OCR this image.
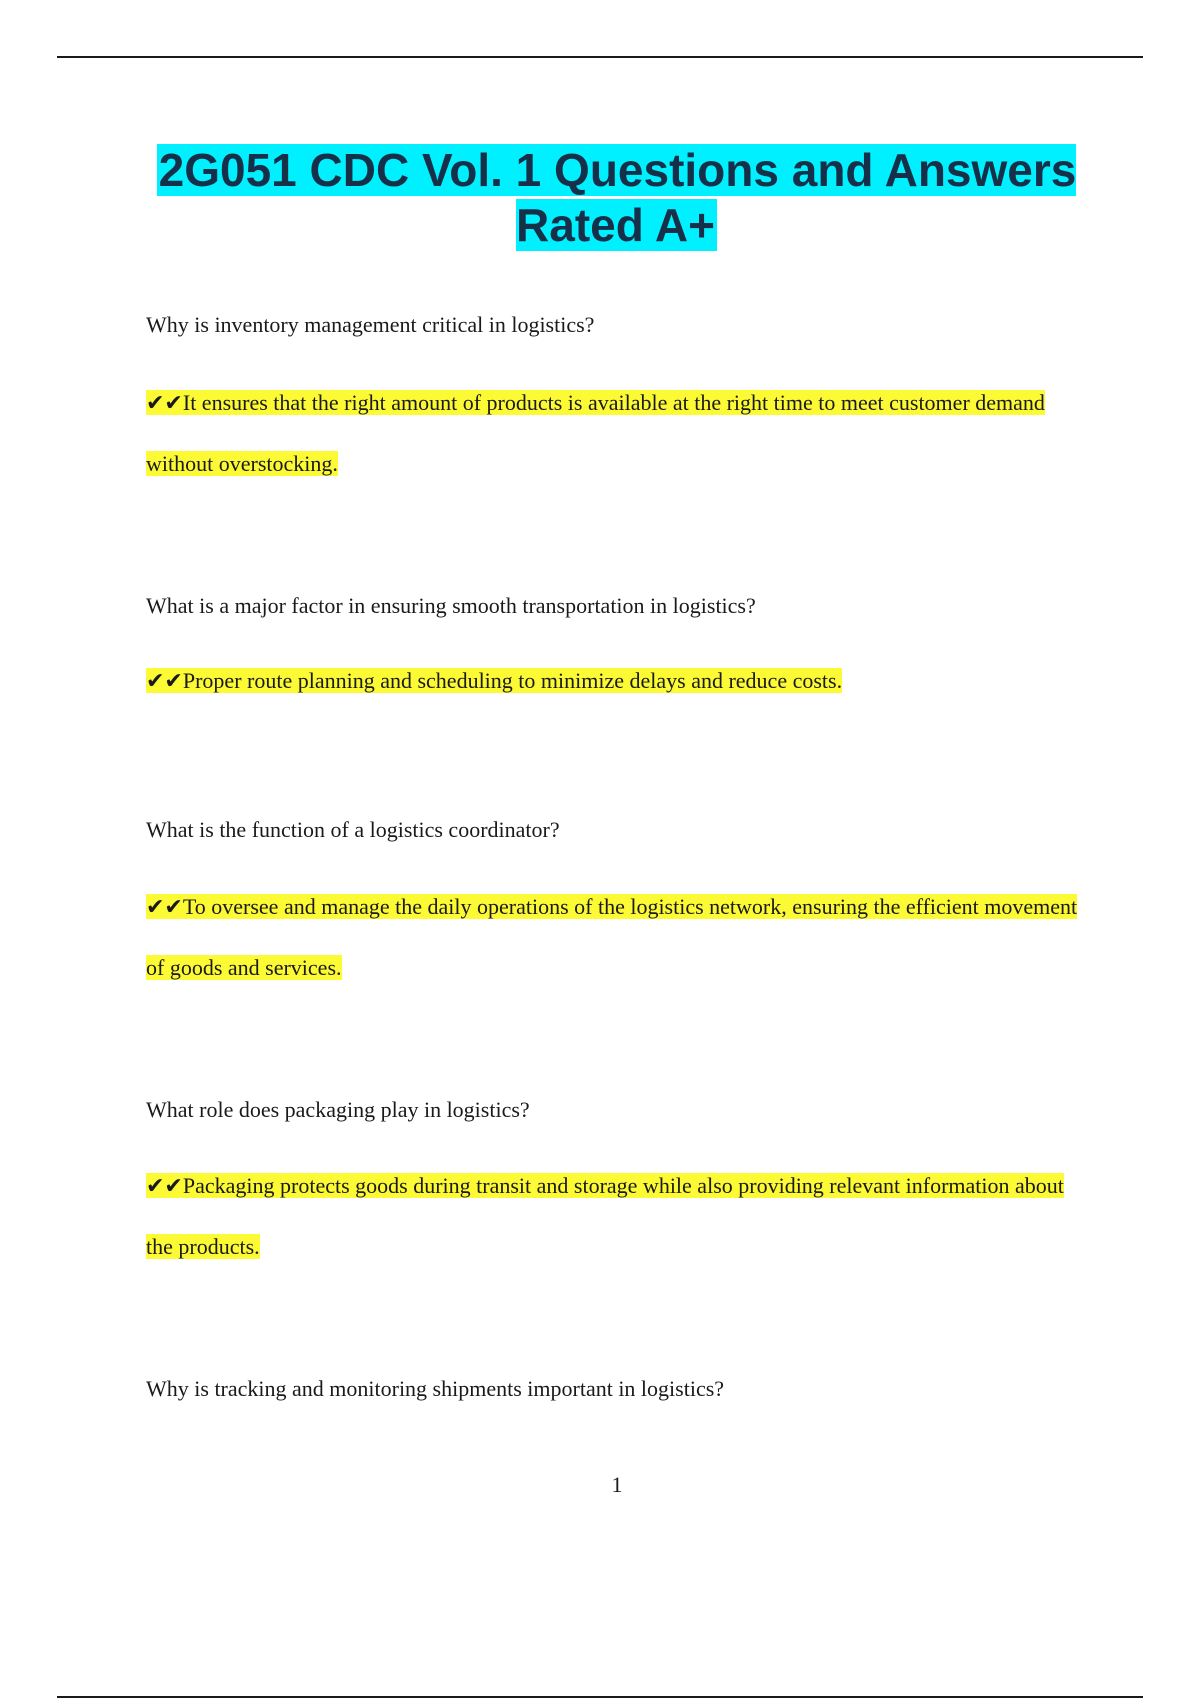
2G051 CDC Vol. 1 Questions and Answers Rated A+
Why is inventory management critical in logistics?
✔✔It ensures that the right amount of products is available at the right time to meet customer demand without overstocking.
What is a major factor in ensuring smooth transportation in logistics?
✔✔Proper route planning and scheduling to minimize delays and reduce costs.
What is the function of a logistics coordinator?
✔✔To oversee and manage the daily operations of the logistics network, ensuring the efficient movement of goods and services.
What role does packaging play in logistics?
✔✔Packaging protects goods during transit and storage while also providing relevant information about the products.
Why is tracking and monitoring shipments important in logistics?
1
